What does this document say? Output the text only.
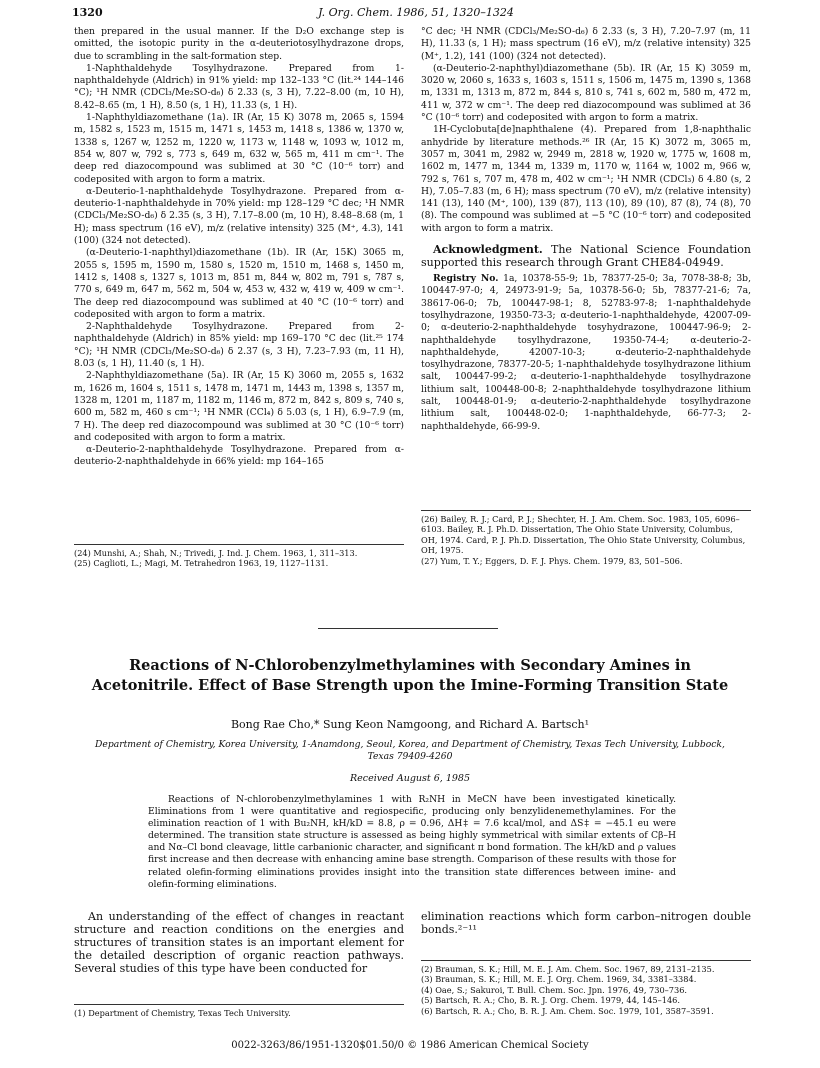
1320	J. Org. Chem. 1986, 51, 1320–1324

then prepared in the usual manner. If the D₂O exchange step is omitted, the isotopic purity in the α-deuteriotosylhydrazone drops, due to scrambling in the salt-formation step.

1-Naphthaldehyde Tosylhydrazone. Prepared from 1-naphthaldehyde (Aldrich) in 91% yield: mp 132–133 °C (lit.²⁴ 144–146 °C); ¹H NMR (CDCl₃/Me₂SO-d₆) δ 2.33 (s, 3 H), 7.22–8.00 (m, 10 H), 8.42–8.65 (m, 1 H), 8.50 (s, 1 H), 11.33 (s, 1 H).

1-Naphthyldiazomethane (1a). IR (Ar, 15 K) 3078 m, 2065 s, 1594 m, 1582 s, 1523 m, 1515 m, 1471 s, 1453 m, 1418 s, 1386 w, 1370 w, 1338 s, 1267 w, 1252 m, 1220 w, 1173 w, 1148 w, 1093 w, 1012 m, 854 w, 807 w, 792 s, 773 s, 649 m, 632 w, 565 m, 411 m cm⁻¹. The deep red diazocompound was sublimed at 30 °C (10⁻⁶ torr) and codeposited with argon to form a matrix.

α-Deuterio-1-naphthaldehyde Tosylhydrazone. Prepared from α-deuterio-1-naphthaldehyde in 70% yield: mp 128–129 °C dec; ¹H NMR (CDCl₃/Me₂SO-d₆) δ 2.35 (s, 3 H), 7.17–8.00 (m, 10 H), 8.48–8.68 (m, 1 H); mass spectrum (16 eV), m/z (relative intensity) 325 (M⁺, 4.3), 141 (100) (324 not detected).

(α-Deuterio-1-naphthyl)diazomethane (1b). IR (Ar, 15K) 3065 m, 2055 s, 1595 m, 1590 m, 1580 s, 1520 m, 1510 m, 1468 s, 1450 m, 1412 s, 1408 s, 1327 s, 1013 m, 851 m, 844 w, 802 m, 791 s, 787 s, 770 s, 649 m, 647 m, 562 m, 504 w, 453 w, 432 w, 419 w, 409 w cm⁻¹. The deep red diazocompound was sublimed at 40 °C (10⁻⁶ torr) and codeposited with argon to form a matrix.

2-Naphthaldehyde Tosylhydrazone. Prepared from 2-naphthaldehyde (Aldrich) in 85% yield: mp 169–170 °C dec (lit.²⁵ 174 °C); ¹H NMR (CDCl₃/Me₂SO-d₆) δ 2.37 (s, 3 H), 7.23–7.93 (m, 11 H), 8.03 (s, 1 H), 11.40 (s, 1 H).

2-Naphthyldiazomethane (5a). IR (Ar, 15 K) 3060 m, 2055 s, 1632 m, 1626 m, 1604 s, 1511 s, 1478 m, 1471 m, 1443 m, 1398 s, 1357 m, 1328 m, 1201 m, 1187 m, 1182 m, 1146 m, 872 m, 842 s, 809 s, 740 s, 600 m, 582 m, 460 s cm⁻¹; ¹H NMR (CCl₄) δ 5.03 (s, 1 H), 6.9–7.9 (m, 7 H). The deep red diazocompound was sublimed at 30 °C (10⁻⁶ torr) and codeposited with argon to form a matrix.

α-Deuterio-2-naphthaldehyde Tosylhydrazone. Prepared from α-deuterio-2-naphthaldehyde in 66% yield: mp 164–165

(24) Munshi, A.; Shah, N.; Trivedi, J. Ind. J. Chem. 1963, 1, 311–313.

(25) Caglioti, L.; Magi, M. Tetrahedron 1963, 19, 1127–1131.

°C dec; ¹H NMR (CDCl₃/Me₂SO-d₆) δ 2.33 (s, 3 H), 7.20–7.97 (m, 11 H), 11.33 (s, 1 H); mass spectrum (16 eV), m/z (relative intensity) 325 (M⁺, 1.2), 141 (100) (324 not detected).

(α-Deuterio-2-naphthyl)diazomethane (5b). IR (Ar, 15 K) 3059 m, 3020 w, 2060 s, 1633 s, 1603 s, 1511 s, 1506 m, 1475 m, 1390 s, 1368 m, 1331 m, 1313 m, 872 m, 844 s, 810 s, 741 s, 602 m, 580 m, 472 m, 411 w, 372 w cm⁻¹. The deep red diazocompound was sublimed at 36 °C (10⁻⁶ torr) and codeposited with argon to form a matrix.

1H-Cyclobuta[de]naphthalene (4). Prepared from 1,8-naphthalic anhydride by literature methods.²⁶ IR (Ar, 15 K) 3072 m, 3065 m, 3057 m, 3041 m, 2982 w, 2949 m, 2818 w, 1920 w, 1775 w, 1608 m, 1602 m, 1477 m, 1344 m, 1339 m, 1170 w, 1164 w, 1002 m, 966 w, 792 s, 761 s, 707 m, 478 m, 402 w cm⁻¹; ¹H NMR (CDCl₃) δ 4.80 (s, 2 H), 7.05–7.83 (m, 6 H); mass spectrum (70 eV), m/z (relative intensity) 141 (13), 140 (M⁺, 100), 139 (87), 113 (10), 89 (10), 87 (8), 74 (8), 70 (8). The compound was sublimed at −5 °C (10⁻⁶ torr) and codeposited with argon to form a matrix.

Acknowledgment. The National Science Foundation supported this research through Grant CHE84-04949.

Registry No. 1a, 10378-55-9; 1b, 78377-25-0; 3a, 7078-38-8; 3b, 100447-97-0; 4, 24973-91-9; 5a, 10378-56-0; 5b, 78377-21-6; 7a, 38617-06-0; 7b, 100447-98-1; 8, 52783-97-8; 1-naphthaldehyde tosylhydrazone, 19350-73-3; α-deuterio-1-naphthaldehyde, 42007-09-0; α-deuterio-2-naphthaldehyde tosyhydrazone, 100447-96-9; 2-naphthaldehyde tosylhydrazone, 19350-74-4; α-deuterio-2-naphthaldehyde, 42007-10-3; α-deuterio-2-naphthaldehyde tosylhydrazone, 78377-20-5; 1-naphthaldehyde tosylhydrazone lithium salt, 100447-99-2; α-deuterio-1-naphthaldehyde tosylhydrazone lithium salt, 100448-00-8; 2-naphthaldehyde tosylhydrazone lithium salt, 100448-01-9; α-deuterio-2-naphthaldehyde tosylhydrazone lithium salt, 100448-02-0; 1-naphthaldehyde, 66-77-3; 2-naphthaldehyde, 66-99-9.

(26) Bailey, R. J.; Card, P. J.; Shechter, H. J. Am. Chem. Soc. 1983, 105, 6096–6103. Bailey, R. J. Ph.D. Dissertation, The Ohio State University, Columbus, OH, 1974. Card, P. J. Ph.D. Dissertation, The Ohio State University, Columbus, OH, 1975.

(27) Yum, T. Y.; Eggers, D. F. J. Phys. Chem. 1979, 83, 501–506.

Reactions of N-Chlorobenzylmethylamines with Secondary Amines in Acetonitrile. Effect of Base Strength upon the Imine-Forming Transition State
Bong Rae Cho,* Sung Keon Namgoong, and Richard A. Bartsch¹
Department of Chemistry, Korea University, 1-Anamdong, Seoul, Korea, and Department of Chemistry, Texas Tech University, Lubbock, Texas 79409-4260
Received August 6, 1985
Reactions of N-chlorobenzylmethylamines 1 with R₂NH in MeCN have been investigated kinetically. Eliminations from 1 were quantitative and regiospecific, producing only benzylidenemethylamines. For the elimination reaction of 1 with Bu₂NH, kH/kD = 8.8, ρ = 0.96, ΔH‡ = 7.6 kcal/mol, and ΔS‡ = −45.1 eu were determined. The transition state structure is assessed as being highly symmetrical with similar extents of Cβ–H and Nα–Cl bond cleavage, little carbanionic character, and significant π bond formation. The kH/kD and ρ values first increase and then decrease with enhancing amine base strength. Comparison of these results with those for related olefin-forming eliminations provides insight into the transition state differences between imine- and olefin-forming eliminations.
An understanding of the effect of changes in reactant structure and reaction conditions on the energies and structures of transition states is an important element for the detailed description of organic reaction pathways. Several studies of this type have been conducted for

(1) Department of Chemistry, Texas Tech University.

elimination reactions which form carbon–nitrogen double bonds.²⁻¹¹

(2) Brauman, S. K.; Hill, M. E. J. Am. Chem. Soc. 1967, 89, 2131–2135.

(3) Brauman, S. K.; Hill, M. E. J. Org. Chem. 1969, 34, 3381–3384.

(4) Oae, S.; Sakuroi, T. Bull. Chem. Soc. Jpn. 1976, 49, 730–736.

(5) Bartsch, R. A.; Cho, B. R. J. Org. Chem. 1979, 44, 145–146.

(6) Bartsch, R. A.; Cho, B. R. J. Am. Chem. Soc. 1979, 101, 3587–3591.

0022-3263/86/1951-1320$01.50/0 © 1986 American Chemical Society
